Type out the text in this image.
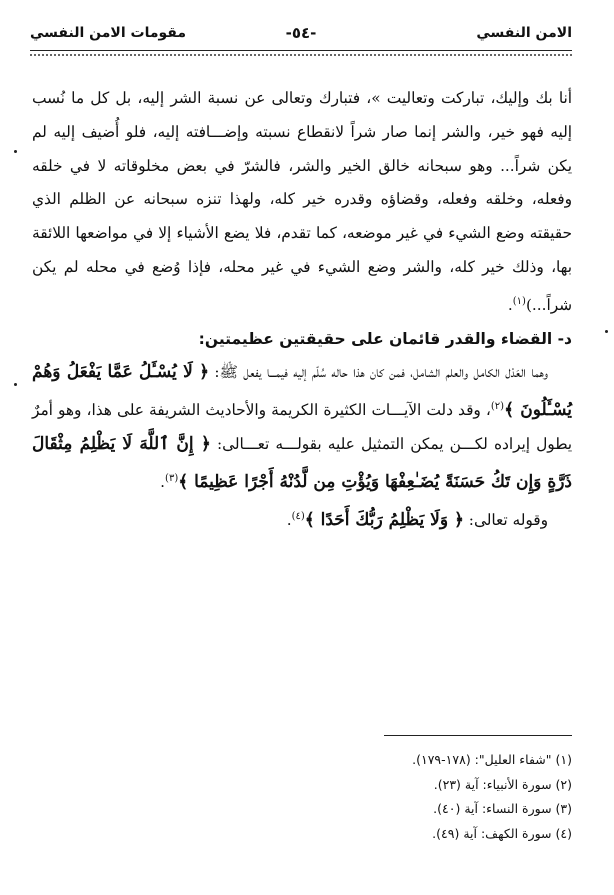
الامن النفسي
-٥٤-
مقومات الامن النفسي

أنا بك وإليك، تباركت وتعاليت »، فتبارك وتعالى عن نسبة الشر إليه، بل كل ما نُسب إليه فهو خير، والشر إنما صار شراً لانقطاع نسبته وإضـــافته إليه، فلو أُضيف إليه لم يكن شراً... وهو سبحانه خالق الخير والشر، فالشرّ في بعض مخلوقاته لا في خلقه وفعله، وخلقه وفعله، وقضاؤه وقدره خير كله، ولهذا تنزه سبحانه عن الظلم الذي حقيقته وضع الشيء في غير موضعه، كما تقدم، فلا يضع الأشياء إلا في مواضعها اللائقة بها، وذلك خير كله، والشر وضع الشيء في غير محله، فإذا وُضع في محله لم يكن شراً...)$^{(١)}$.

د- القضاء والقدر قائمان على حقيقتين عظيمتين:

وهما العَدْل الكامل والعلم الشامل، فمن كان هذا حاله سُلّم إليه فيمـــا يفعل ﷺ: ﴿ لَا يُسْـَٔلُ عَمَّا يَفْعَلُ وَهُمْ يُسْـَٔلُونَ ﴾$^{(٢)}$، وقد دلت الآيـــات الكثيرة الكريمة والأحاديث الشريفة على هذا، وهو أمرٌ يطول إيراده لكـــن يمكن التمثيل عليه بقولـــه تعـــالى: ﴿ إِنَّ ٱللَّهَ لَا يَظْلِمُ مِثْقَالَ ذَرَّةٍ وَإِن تَكُ حَسَنَةً يُضَـٰعِفْهَا وَيُؤْتِ مِن لَّدُنْهُ أَجْرًا عَظِيمًا ﴾$^{(٣)}$.

وقوله تعالى: ﴿ وَلَا يَظْلِمُ رَبُّكَ أَحَدًا ﴾$^{(٤)}$.

(١) "شفاء العليل": (١٧٨-١٧٩).
(٢) سورة الأنبياء: آية (٢٣).
(٣) سورة النساء: آية (٤٠).
(٤) سورة الكهف: آية (٤٩).
